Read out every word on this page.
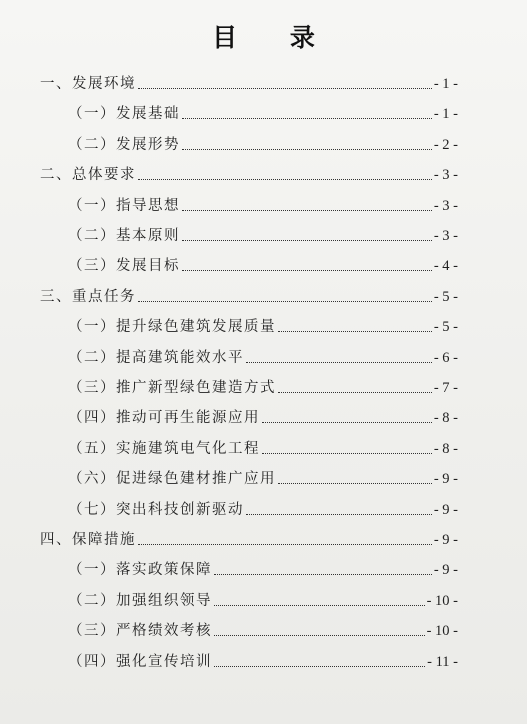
目 录
一、发展环境	- 1 -
（一）发展基础	- 1 -
（二）发展形势	- 2 -
二、总体要求	- 3 -
（一）指导思想	- 3 -
（二）基本原则	- 3 -
（三）发展目标	- 4 -
三、重点任务	- 5 -
（一）提升绿色建筑发展质量	- 5 -
（二）提高建筑能效水平	- 6 -
（三）推广新型绿色建造方式	- 7 -
（四）推动可再生能源应用	- 8 -
（五）实施建筑电气化工程	- 8 -
（六）促进绿色建材推广应用	- 9 -
（七）突出科技创新驱动	- 9 -
四、保障措施	- 9 -
（一）落实政策保障	- 9 -
（二）加强组织领导	- 10 -
（三）严格绩效考核	- 10 -
（四）强化宣传培训	- 11 -
